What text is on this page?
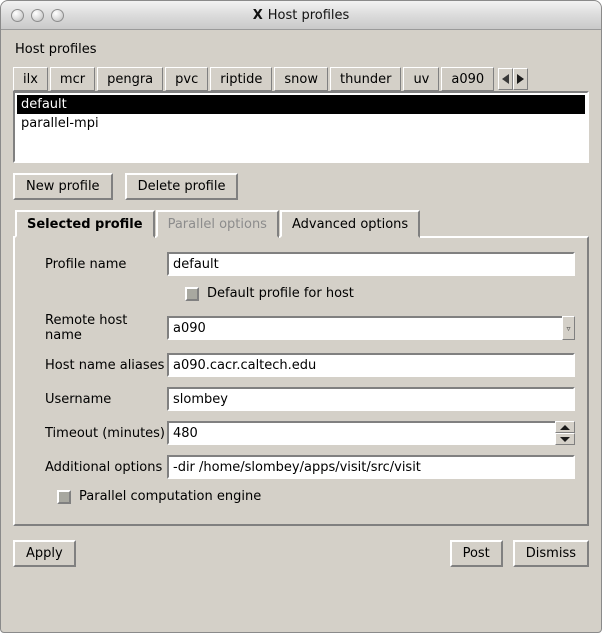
X Host profiles
Host profiles
ilx	mcr	pengra	pvc	riptide	snow	thunder	uv	a090
default
parallel-mpi
New profile	Delete profile
Selected profile	Parallel options	Advanced options
Profile name	default
Default profile for host
Remote host name	a090	▿
Host name aliases a090.cacr.caltech.edu
Username	slombey
Timeout (minutes) 480
Additional options -dir /home/slombey/apps/visit/src/visit
Parallel computation engine
Apply	Post	Dismiss
